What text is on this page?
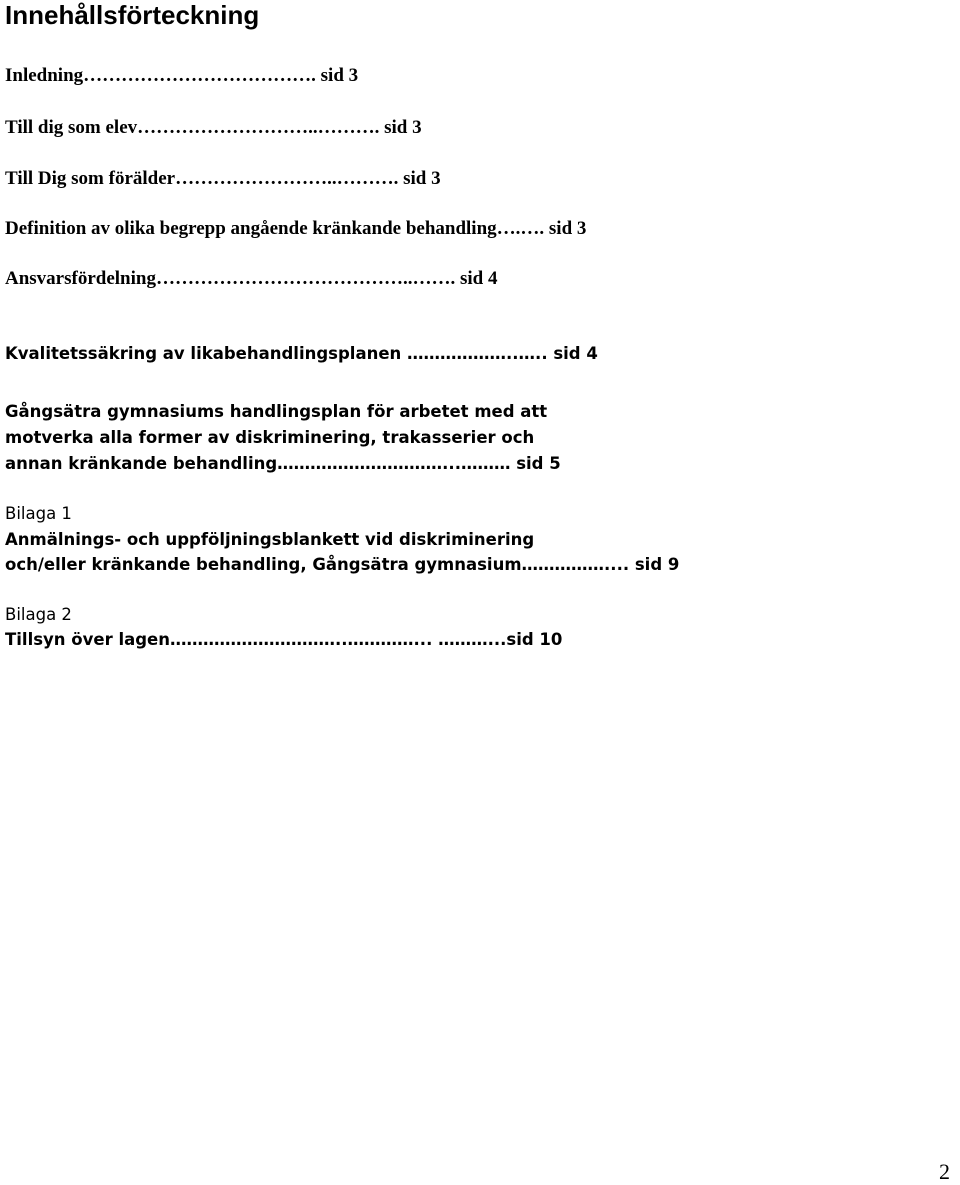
Innehållsförteckning

Inledning………………………………. sid 3

Till dig som elev………………………..………. sid 3

Till Dig som förälder……………………..………. sid 3

Definition av olika begrepp angående kränkande behandling….…. sid 3

Ansvarsfördelning…………………………………..……. sid 4

Kvalitetssäkring av likabehandlingsplanen ………………..….. sid 4

Gångsätra gymnasiums handlingsplan för arbetet med att

motverka alla former av diskriminering, trakasserier och

annan kränkande behandling…………………………...……… sid 5

Bilaga 1

Anmälnings- och uppföljningsblankett vid diskriminering

och/eller kränkande behandling, Gångsätra gymnasium…………….... sid 9

Bilaga 2

Tillsyn över lagen…………………………..…………... ………...sid 10

2
